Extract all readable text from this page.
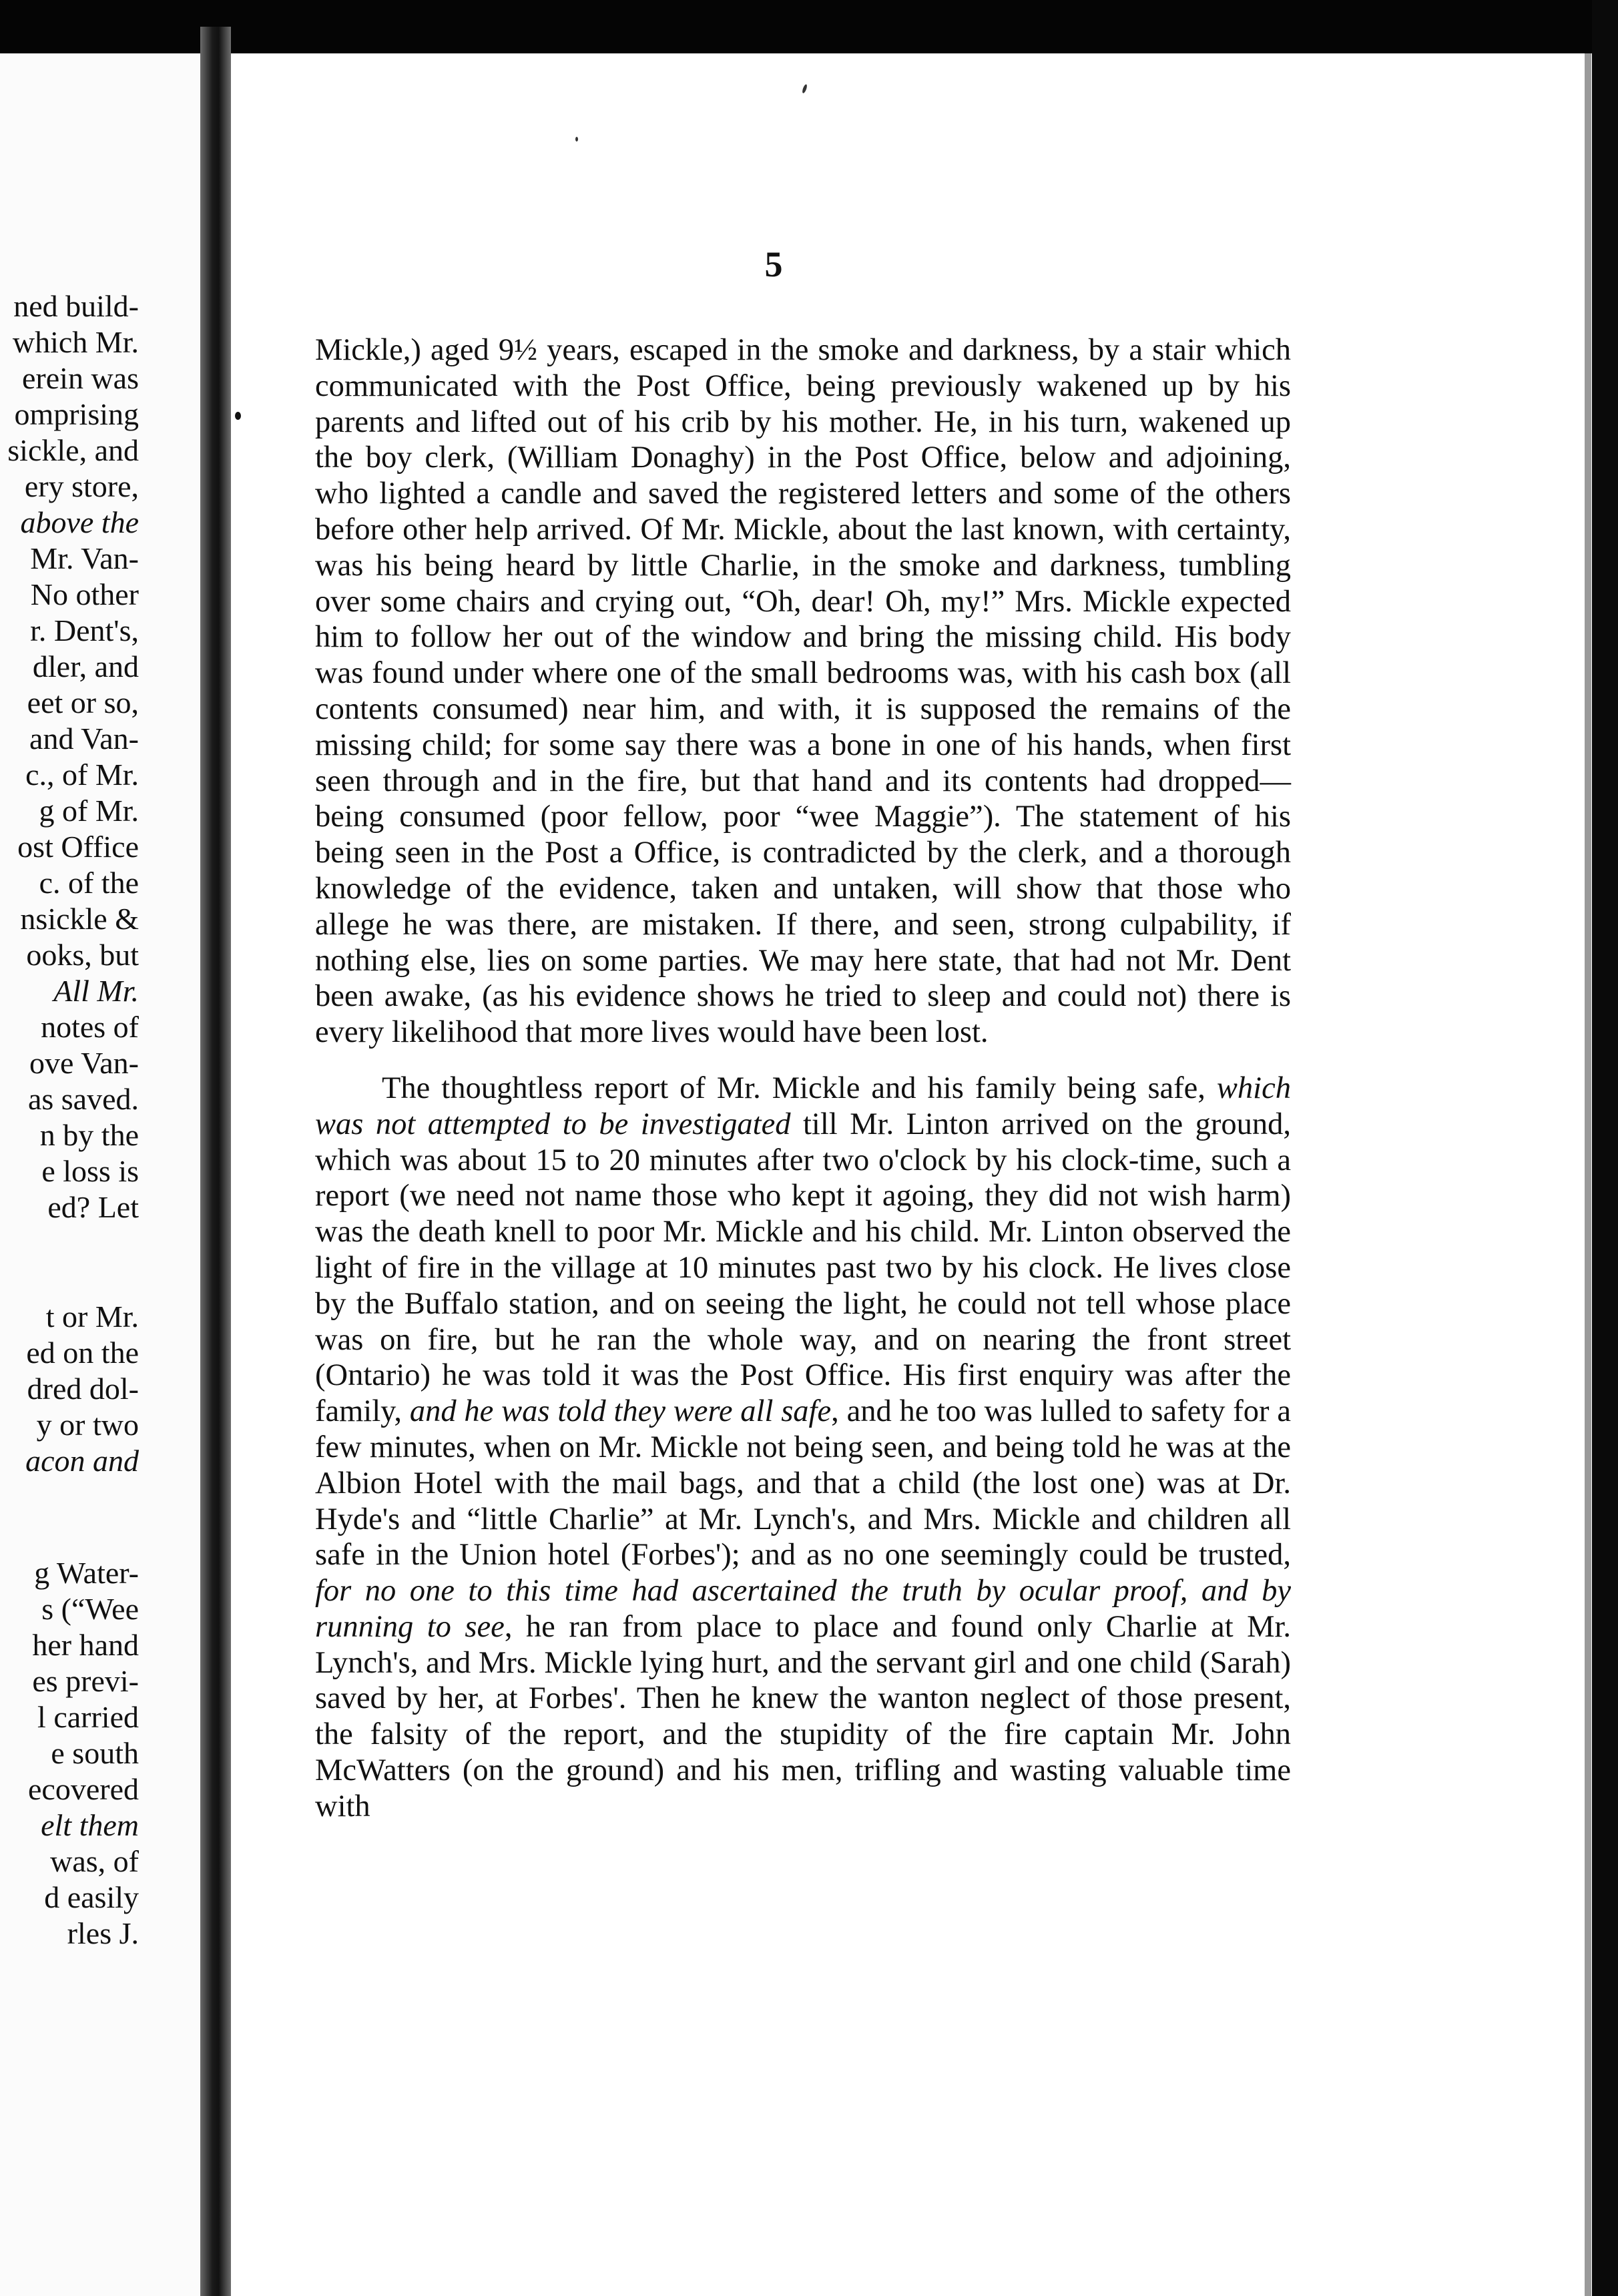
ned build-
which Mr.
erein was
omprising
sickle, and
ery store,
above the
Mr. Van-
No other
r. Dent's,
dler, and
eet or so,
and Van-
c., of Mr.
g of Mr.
ost Office
c. of the
nsickle &
ooks, but
All Mr.
notes of
ove Van-
as saved.
n by the
e loss is
ed? Let
t or Mr.
ed on the
dred dol-
y or two
acon and
g Water-
s (“Wee
her hand
es previ-
l carried
e south
ecovered
elt them
was, of
d easily
rles J.
5

Mickle,) aged 9½ years, escaped in the smoke and darkness, by a stair which communicated with the Post Office, being previously wakened up by his parents and lifted out of his crib by his mother. He, in his turn, wakened up the boy clerk, (William Donaghy) in the Post Office, below and adjoining, who lighted a candle and saved the registered letters and some of the others before other help arrived. Of Mr. Mickle, about the last known, with certainty, was his being heard by little Charlie, in the smoke and darkness, tumbling over some chairs and crying out, “Oh, dear! Oh, my!” Mrs. Mickle expected him to follow her out of the window and bring the missing child. His body was found under where one of the small bedrooms was, with his cash box (all contents consumed) near him, and with, it is supposed the remains of the missing child; for some say there was a bone in one of his hands, when first seen through and in the fire, but that hand and its contents had dropped—being consumed (poor fellow, poor “wee Maggie”). The statement of his being seen in the Post a Office, is contradicted by the clerk, and a thorough knowledge of the evidence, taken and untaken, will show that those who allege he was there, are mistaken. If there, and seen, strong culpability, if nothing else, lies on some parties. We may here state, that had not Mr. Dent been awake, (as his evidence shows he tried to sleep and could not) there is every likelihood that more lives would have been lost.

The thoughtless report of Mr. Mickle and his family being safe, which was not attempted to be investigated till Mr. Linton arrived on the ground, which was about 15 to 20 minutes after two o'clock by his clock-time, such a report (we need not name those who kept it agoing, they did not wish harm) was the death knell to poor Mr. Mickle and his child. Mr. Linton observed the light of fire in the village at 10 minutes past two by his clock. He lives close by the Buffalo station, and on seeing the light, he could not tell whose place was on fire, but he ran the whole way, and on nearing the front street (Ontario) he was told it was the Post Office. His first enquiry was after the family, and he was told they were all safe, and he too was lulled to safety for a few minutes, when on Mr. Mickle not being seen, and being told he was at the Albion Hotel with the mail bags, and that a child (the lost one) was at Dr. Hyde's and “little Charlie” at Mr. Lynch's, and Mrs. Mickle and children all safe in the Union hotel (Forbes'); and as no one seemingly could be trusted, for no one to this time had ascertained the truth by ocular proof, and by running to see, he ran from place to place and found only Charlie at Mr. Lynch's, and Mrs. Mickle lying hurt, and the servant girl and one child (Sarah) saved by her, at Forbes'. Then he knew the wanton neglect of those present, the falsity of the report, and the stupidity of the fire captain Mr. John McWatters (on the ground) and his men, trifling and wasting valuable time with
